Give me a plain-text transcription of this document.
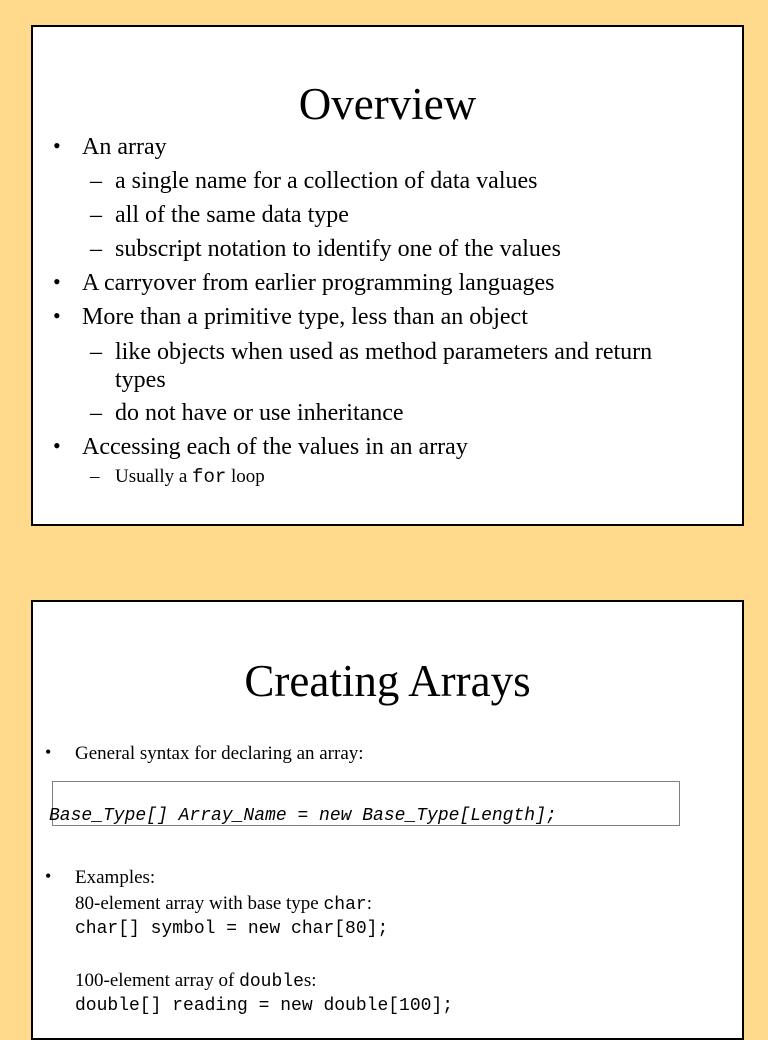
Overview
• An array
– a single name for a collection of data values
– all of the same data type
– subscript notation to identify one of the values
• A carryover from earlier programming languages
• More than a primitive type, less than an object
– like objects when used as method parameters and return
types
– do not have or use inheritance
• Accessing each of the values in an array
– Usually a for loop
Creating Arrays
• General syntax for declaring an array:
Base_Type[] Array_Name = new Base_Type[Length];
• Examples:
80-element array with base type char:
char[] symbol = new char[80];
100-element array of doubles:
double[] reading = new double[100];
